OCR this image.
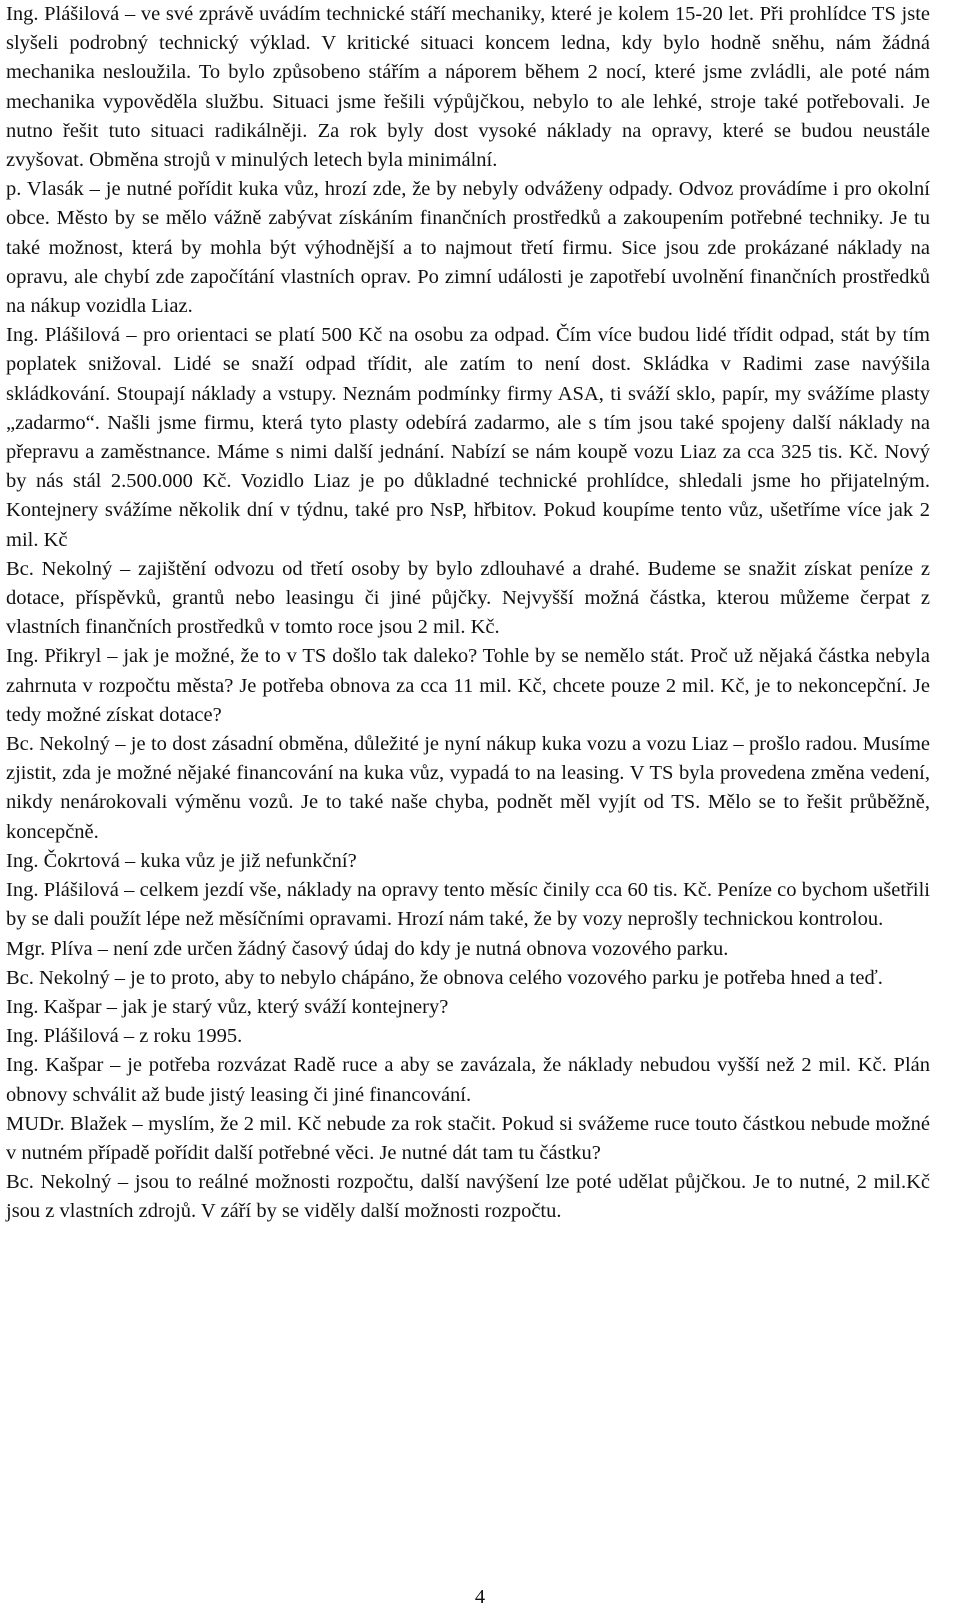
Ing. Plášilová – ve své zprávě uvádím technické stáří mechaniky, které je kolem 15-20 let. Při prohlídce TS jste slyšeli podrobný technický výklad. V kritické situaci koncem ledna, kdy bylo hodně sněhu, nám žádná mechanika nesloužila. To bylo způsobeno stářím a náporem během 2 nocí, které jsme zvládli, ale poté nám mechanika vypověděla službu. Situaci jsme řešili výpůjčkou, nebylo to ale lehké, stroje také potřebovali. Je nutno řešit tuto situaci radikálněji. Za rok byly dost vysoké náklady na opravy, které se budou neustále zvyšovat. Obměna strojů v minulých letech byla minimální.

p. Vlasák – je nutné pořídit kuka vůz, hrozí zde, že by nebyly odváženy odpady. Odvoz provádíme i pro okolní obce. Město by se mělo vážně zabývat získáním finančních prostředků a zakoupením potřebné techniky. Je tu také možnost, která by mohla být výhodnější a to najmout třetí firmu. Sice jsou zde prokázané náklady na opravu, ale chybí zde započítání vlastních oprav. Po zimní události je zapotřebí uvolnění finančních prostředků na nákup vozidla Liaz.

Ing. Plášilová – pro orientaci se platí 500 Kč na osobu za odpad. Čím více budou lidé třídit odpad, stát by tím poplatek snižoval. Lidé se snaží odpad třídit, ale zatím to není dost. Skládka v Radimi zase navýšila skládkování. Stoupají náklady a vstupy. Neznám podmínky firmy ASA, ti sváží sklo, papír, my svážíme plasty „zadarmo“. Našli jsme firmu, která tyto plasty odebírá zadarmo, ale s tím jsou také spojeny další náklady na přepravu a zaměstnance. Máme s nimi další jednání. Nabízí se nám koupě vozu Liaz za cca 325 tis. Kč. Nový by nás stál 2.500.000 Kč. Vozidlo Liaz je po důkladné technické prohlídce, shledali jsme ho přijatelným. Kontejnery svážíme několik dní v týdnu, také pro NsP, hřbitov. Pokud koupíme tento vůz, ušetříme více jak 2 mil. Kč

Bc. Nekolný – zajištění odvozu od třetí osoby by bylo zdlouhavé a drahé. Budeme se snažit získat peníze z dotace, příspěvků, grantů nebo leasingu či jiné půjčky. Nejvyšší možná částka, kterou můžeme čerpat z vlastních finančních prostředků v tomto roce jsou 2 mil. Kč.

Ing. Přikryl – jak je možné, že to v TS došlo tak daleko? Tohle by se nemělo stát. Proč už nějaká částka nebyla zahrnuta v rozpočtu města? Je potřeba obnova za cca 11 mil. Kč, chcete pouze 2 mil. Kč, je to nekoncepční. Je tedy možné získat dotace?

Bc. Nekolný – je to dost zásadní obměna, důležité je nyní nákup kuka vozu a vozu Liaz – prošlo radou. Musíme zjistit, zda je možné nějaké financování na kuka vůz, vypadá to na leasing. V TS byla provedena změna vedení, nikdy nenárokovali výměnu vozů. Je to také naše chyba, podnět měl vyjít od TS. Mělo se to řešit průběžně, koncepčně.

Ing. Čokrtová – kuka vůz je již nefunkční?

Ing. Plášilová – celkem jezdí vše, náklady na opravy tento měsíc činily cca 60 tis. Kč. Peníze co bychom ušetřili by se dali použít lépe než měsíčními opravami. Hrozí nám také, že by vozy neprošly technickou kontrolou.

Mgr. Plíva – není zde určen žádný časový údaj do kdy je nutná obnova vozového parku.

Bc. Nekolný – je to proto, aby to nebylo chápáno, že obnova celého vozového parku je potřeba hned a teď.

Ing. Kašpar – jak je starý vůz, který sváží kontejnery?

Ing. Plášilová – z roku 1995.

Ing. Kašpar – je potřeba rozvázat Radě ruce a aby se zavázala, že náklady nebudou vyšší než 2 mil. Kč. Plán obnovy schválit až bude jistý leasing či jiné financování.

MUDr. Blažek – myslím, že 2 mil. Kč nebude za rok stačit. Pokud si svážeme ruce touto částkou nebude možné v nutném případě pořídit další potřebné věci. Je nutné dát tam tu částku?

Bc. Nekolný – jsou to reálné možnosti rozpočtu, další navýšení lze poté udělat půjčkou. Je to nutné, 2 mil.Kč jsou z vlastních zdrojů. V září by se viděly další možnosti rozpočtu.

4
